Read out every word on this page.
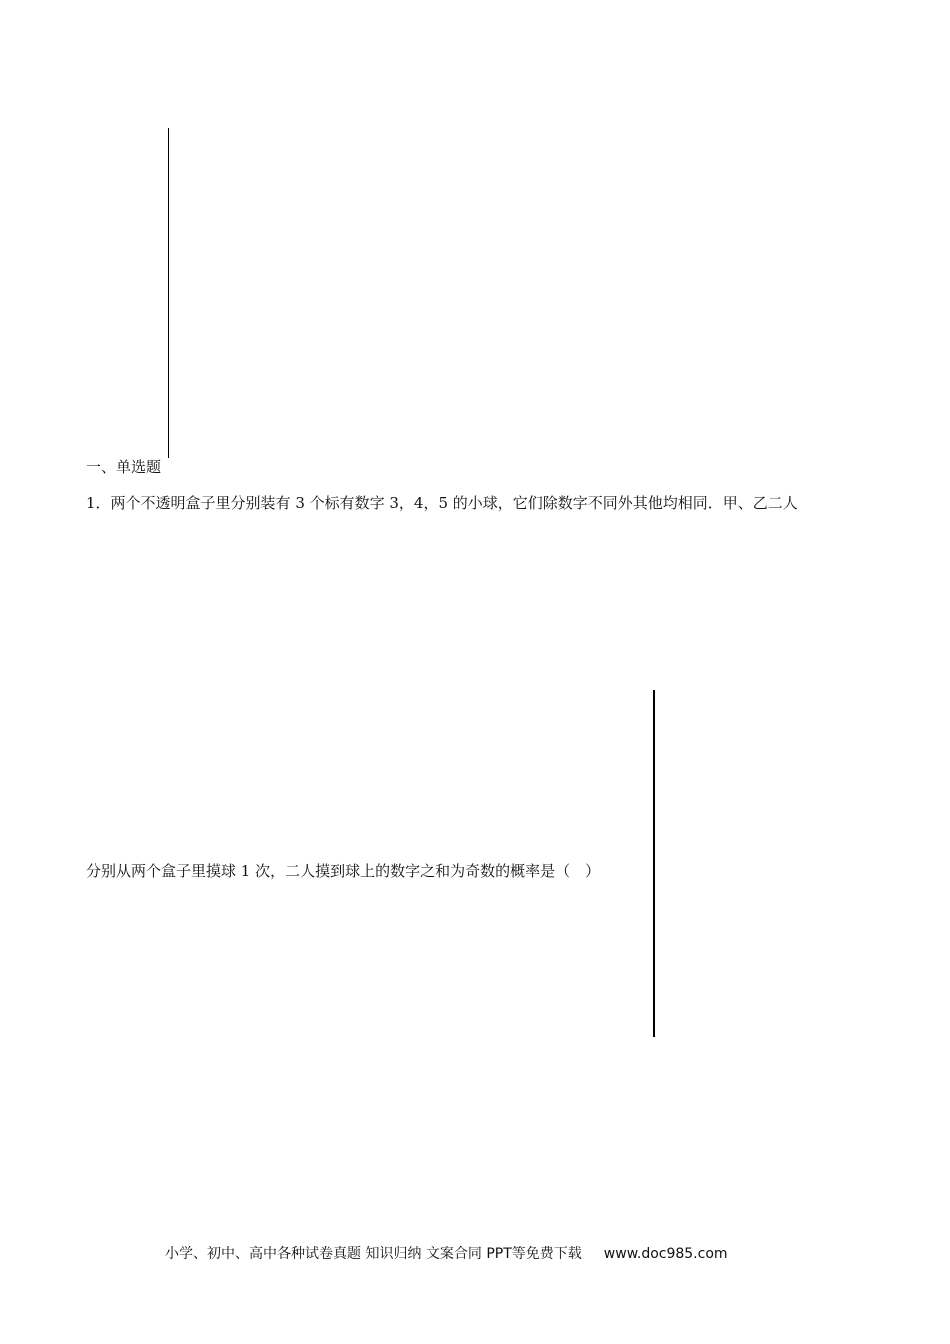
一、单选题
1．两个不透明盒子里分别装有 3 个标有数字 3，4，5 的小球，它们除数字不同外其他均相同．甲、乙二人
分别从两个盒子里摸球 1 次，二人摸到球上的数字之和为奇数的概率是（　）
小学、初中、高中各种试卷真题 知识归纳 文案合同 PPT等免费下载 www.doc985.com
